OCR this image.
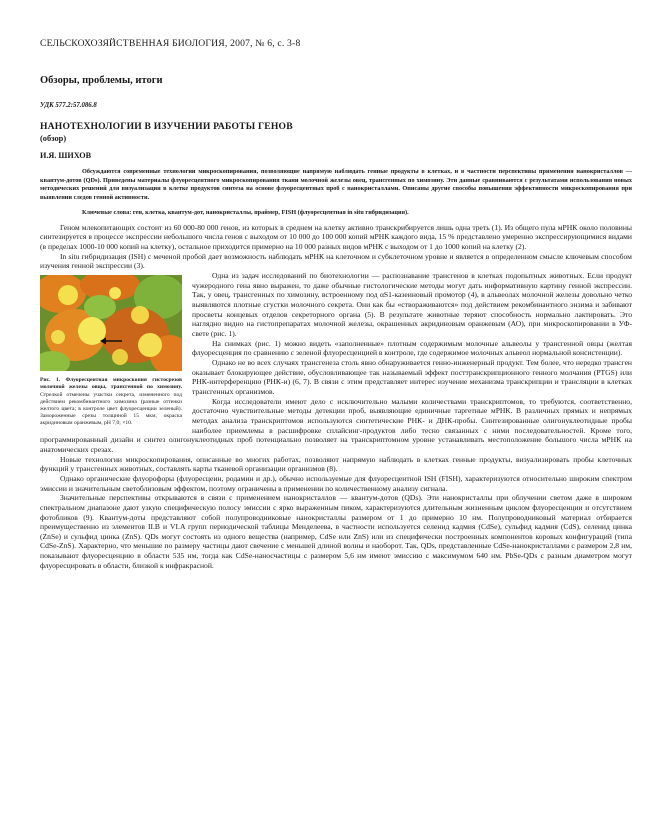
СЕЛЬСКОХОЗЯЙСТВЕННАЯ БИОЛОГИЯ, 2007, № 6, с. 3-8
Обзоры, проблемы, итоги
УДК 577.2:57.086.8
НАНОТЕХНОЛОГИИ В ИЗУЧЕНИИ РАБОТЫ ГЕНОВ
(обзор)
И.Я. ШИХОВ
Обсуждаются современные технологии микроскопирования, позволяющие напрямую наблюдать генные продукты в клетках, и в частности перспективы применения нанокристаллов — квантум-дотов (QDs). Приведены материалы флуоресцентного микроскопирования ткани молочной железы овец, трансгенных по химозину. Эти данные сравниваются с результатами использования новых методических решений для визуализации в клетке продуктов синтеза на основе флуоресцентных проб с нанокристаллами. Описаны другие способы повышения эффективности микроскопирования при выявлении следов генной активности.
Ключевые слова: ген, клетка, квантум-дот, нанокристаллы, праймер, FISH (флуоресцентная in situ гибридизация).

Геном млекопитающих состоит из 60 000-80 000 генов, из которых в среднем на клетку активно транскрибируется лишь одна треть (1). Из общего пула мРНК около половины синтезируется в процессе экспрессии небольшого числа генов с выходом от 10 000 до 100 000 копий мРНК каждого вида, 15 % представлено умеренно экспрессирующимися видами (в пределах 1000-10 000 копий на клетку), остальное приходится примерно на 10 000 разных видов мРНК с выходом от 1 до 1000 копий на клетку (2).

In situ гибридизация (ISH) с меченой пробой дает возможность наблюдать мРНК на клеточном и субклеточном уровне и является в определенном смысле ключевым способом изучения генной экспрессии (3).

Рис. 1. Флуоресцентная микроскопия гистосрезов молочной железы овцы, трансгенной по химозину. Стрелкой отмечены участки секрета, измененного под действием рекомбинантного химозина (разные оттенки желтого цвета; в контроле цвет флуоресценции зеленый). Замороженные срезы толщиной 15 мкм, окраска акридиновым оранжевым, pH 7,0; ×10.

Одна из задач исследований по биотехнологии — распознавание трансгенов в клетках подопытных животных. Если продукт чужеродного гена явно выражен, то даже обычные гистологические методы могут дать информативную картину генной экспрессии. Так, у овец, трансгенных по химозину, встроенному под αS1-казеиновый промотор (4), в альвеолах молочной железы довольно четко выявляются плотные сгустки молочного секрета. Они как бы «створаживаются» под действием рекомбинантного энзима и забивают просветы концевых отделов секреторного органа (5). В результате животные теряют способность нормально лактировать. Это наглядно видно на гистопрепаратах молочной железы, окрашенных акридиновым оранжевым (АО), при микроскопировании в УФ-свете (рис. 1).

На снимках (рис. 1) можно видеть «заполненные» плотным содержимым молочные альвеолы у трансгенной овцы (желтая флуоресценция по сравнению с зеленой флуоресценцией в контроле, где содержимое молочных альвеол нормальной консистенции).

Однако не во всех случаях трансгенеза столь явно обнаруживается генно-инженерный продукт. Тем более, что нередко трансген оказывает блокирующее действие, обусловливающее так называемый эффект посттранскрипционного генного молчания (PTGS) или РНК-интерференцию (РНК-и) (6, 7). В связи с этим представляет интерес изучение механизма транскрипции и трансляции в клетках трансгенных организмов.

Когда исследователи имеют дело с исключительно малыми количествами транскриптомов, то требуются, соответственно, достаточно чувствительные методы детекции проб, выявляющие единичные таргетные мРНК. В различных прямых и непрямых методах анализа транскриптомов используются синтетические РНК- и ДНК-пробы. Синтезированные олигонуклеотидные пробы наиболее приемлемы в расшифровке сплайсинг-продуктов либо тесно связанных с ними последовательностей. Кроме того, программированный дизайн и синтез олигонуклеотидных проб потенциально позволяет на транскриптомном уровне устанавливать местоположение большого числа мРНК на анатомических срезах.

Новые технологии микроскопирования, описанные во многих работах, позволяют напрямую наблюдать в клетках генные продукты, визуализировать пробы клеточных функций у трансгенных животных, составлять карты тканевой организации организмов (8).

Однако органические флуорофоры (флуоресцеин, родамин и др.), обычно используемые для флуоресцентной ISH (FISH), характеризуются относительно широким спектром эмиссии и значительным светоблизовым эффектом, поэтому ограничены в применении по количественному анализу сигнала.

Значительные перспективы открываются в связи с применением нанокристаллов — квантум-дотов (QDs). Эти нанокристаллы при облучении светом даже в широком спектральном диапазоне дают узкую специфическую полосу эмиссии с ярко выраженным пиком, характеризуются длительным жизненным циклом флуоресценции и отсутствием фотобликов (9). Квантум-доты представляют собой полупроводниковые нанокристаллы размером от 1 до примерно 10 нм. Полупроводниковый материал отбирается преимущественно из элементов II.B и VI.A групп периодической таблицы Менделеева, в частности используется селенид кадмия (CdSe), сульфид кадмия (CdS), селенид цинка (ZnSe) и сульфид цинка (ZnS). QDs могут состоять из одного вещества (например, CdSe или ZnS) или из специфически построенных компонентов коровых конфигураций (типа CdSe-ZnS). Характерно, что меньшие по размеру частицы дают свечение с меньшей длиной волны и наоборот. Так, QDs, представленные CdSe-нанокристаллами с размером 2,8 нм, показывают флуоресценцию в области 535 нм, тогда как CdSe-наносчастицы с размером 5,6 нм имеют эмиссию с максимумом 640 нм. PbSe-QDs с разным диаметром могут флуоресцировать в области, близкой к инфракрасной.
